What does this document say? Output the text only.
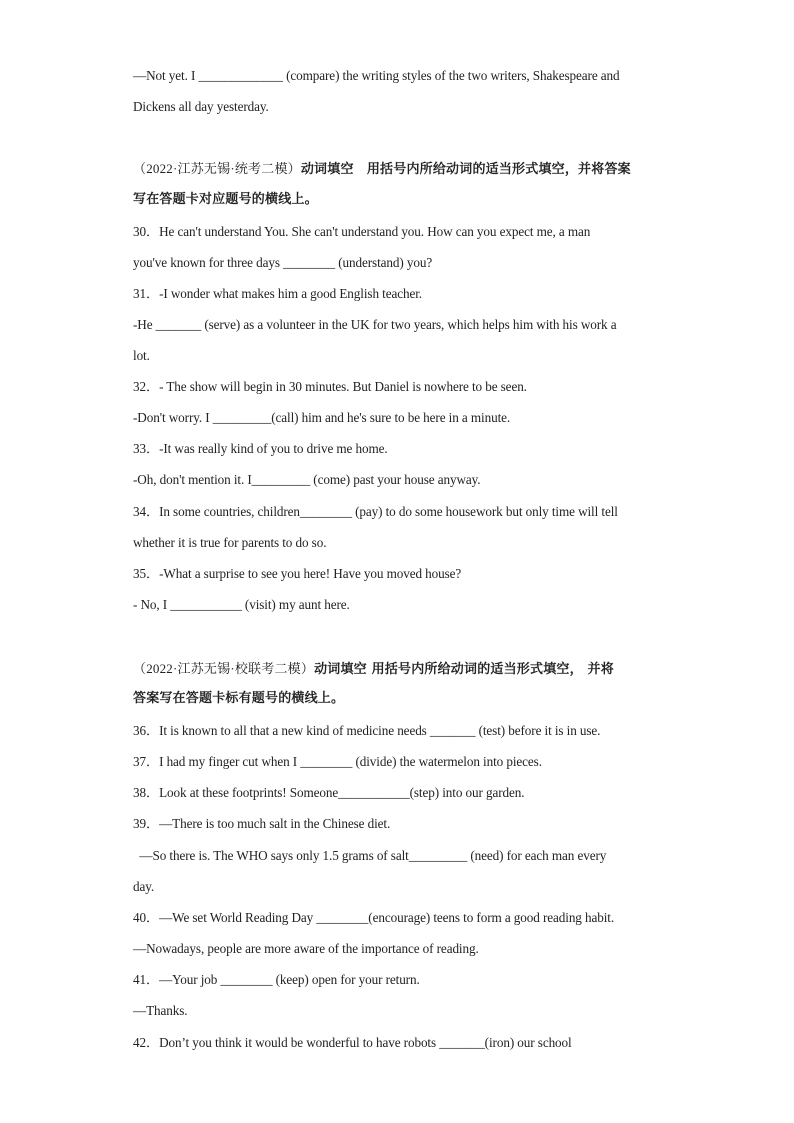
—Not yet. I _____________ (compare) the writing styles of the two writers, Shakespeare and
Dickens all day yesterday.
（2022·江苏无锡·统考二模）动词填空　用括号内所给动词的适当形式填空，并将答案
写在答题卡对应题号的横线上。
30．He can't understand You. She can't understand you. How can you expect me, a man
you've known for three days ________ (understand) you?
31．-I wonder what makes him a good English teacher.
-He _______ (serve) as a volunteer in the UK for two years, which helps him with his work a
lot.
32．- The show will begin in 30 minutes. But Daniel is nowhere to be seen.
-Don't worry. I _________(call) him and he's sure to be here in a minute.
33．-It was really kind of you to drive me home.
-Oh, don't mention it. I_________ (come) past your house anyway.
34．In some countries, children________ (pay) to do some housework but only time will tell
whether it is true for parents to do so.
35．-What a surprise to see you here! Have you moved house?
- No, I ___________ (visit) my aunt here.
（2022·江苏无锡·校联考二模）动词填空 用括号内所给动词的适当形式填空， 并将
答案写在答题卡标有题号的横线上。
36．It is known to all that a new kind of medicine needs _______ (test) before it is in use.
37．I had my finger cut when I ________ (divide) the watermelon into pieces.
38．Look at these footprints! Someone___________(step) into our garden.
39．—There is too much salt in the Chinese diet.
—So there is. The WHO says only 1.5 grams of salt_________ (need) for each man every
day.
40．—We set World Reading Day ________(encourage) teens to form a good reading habit.
—Nowadays, people are more aware of the importance of reading.
41．—Your job ________ (keep) open for your return.
—Thanks.
42．Don’t you think it would be wonderful to have robots _______(iron) our school
